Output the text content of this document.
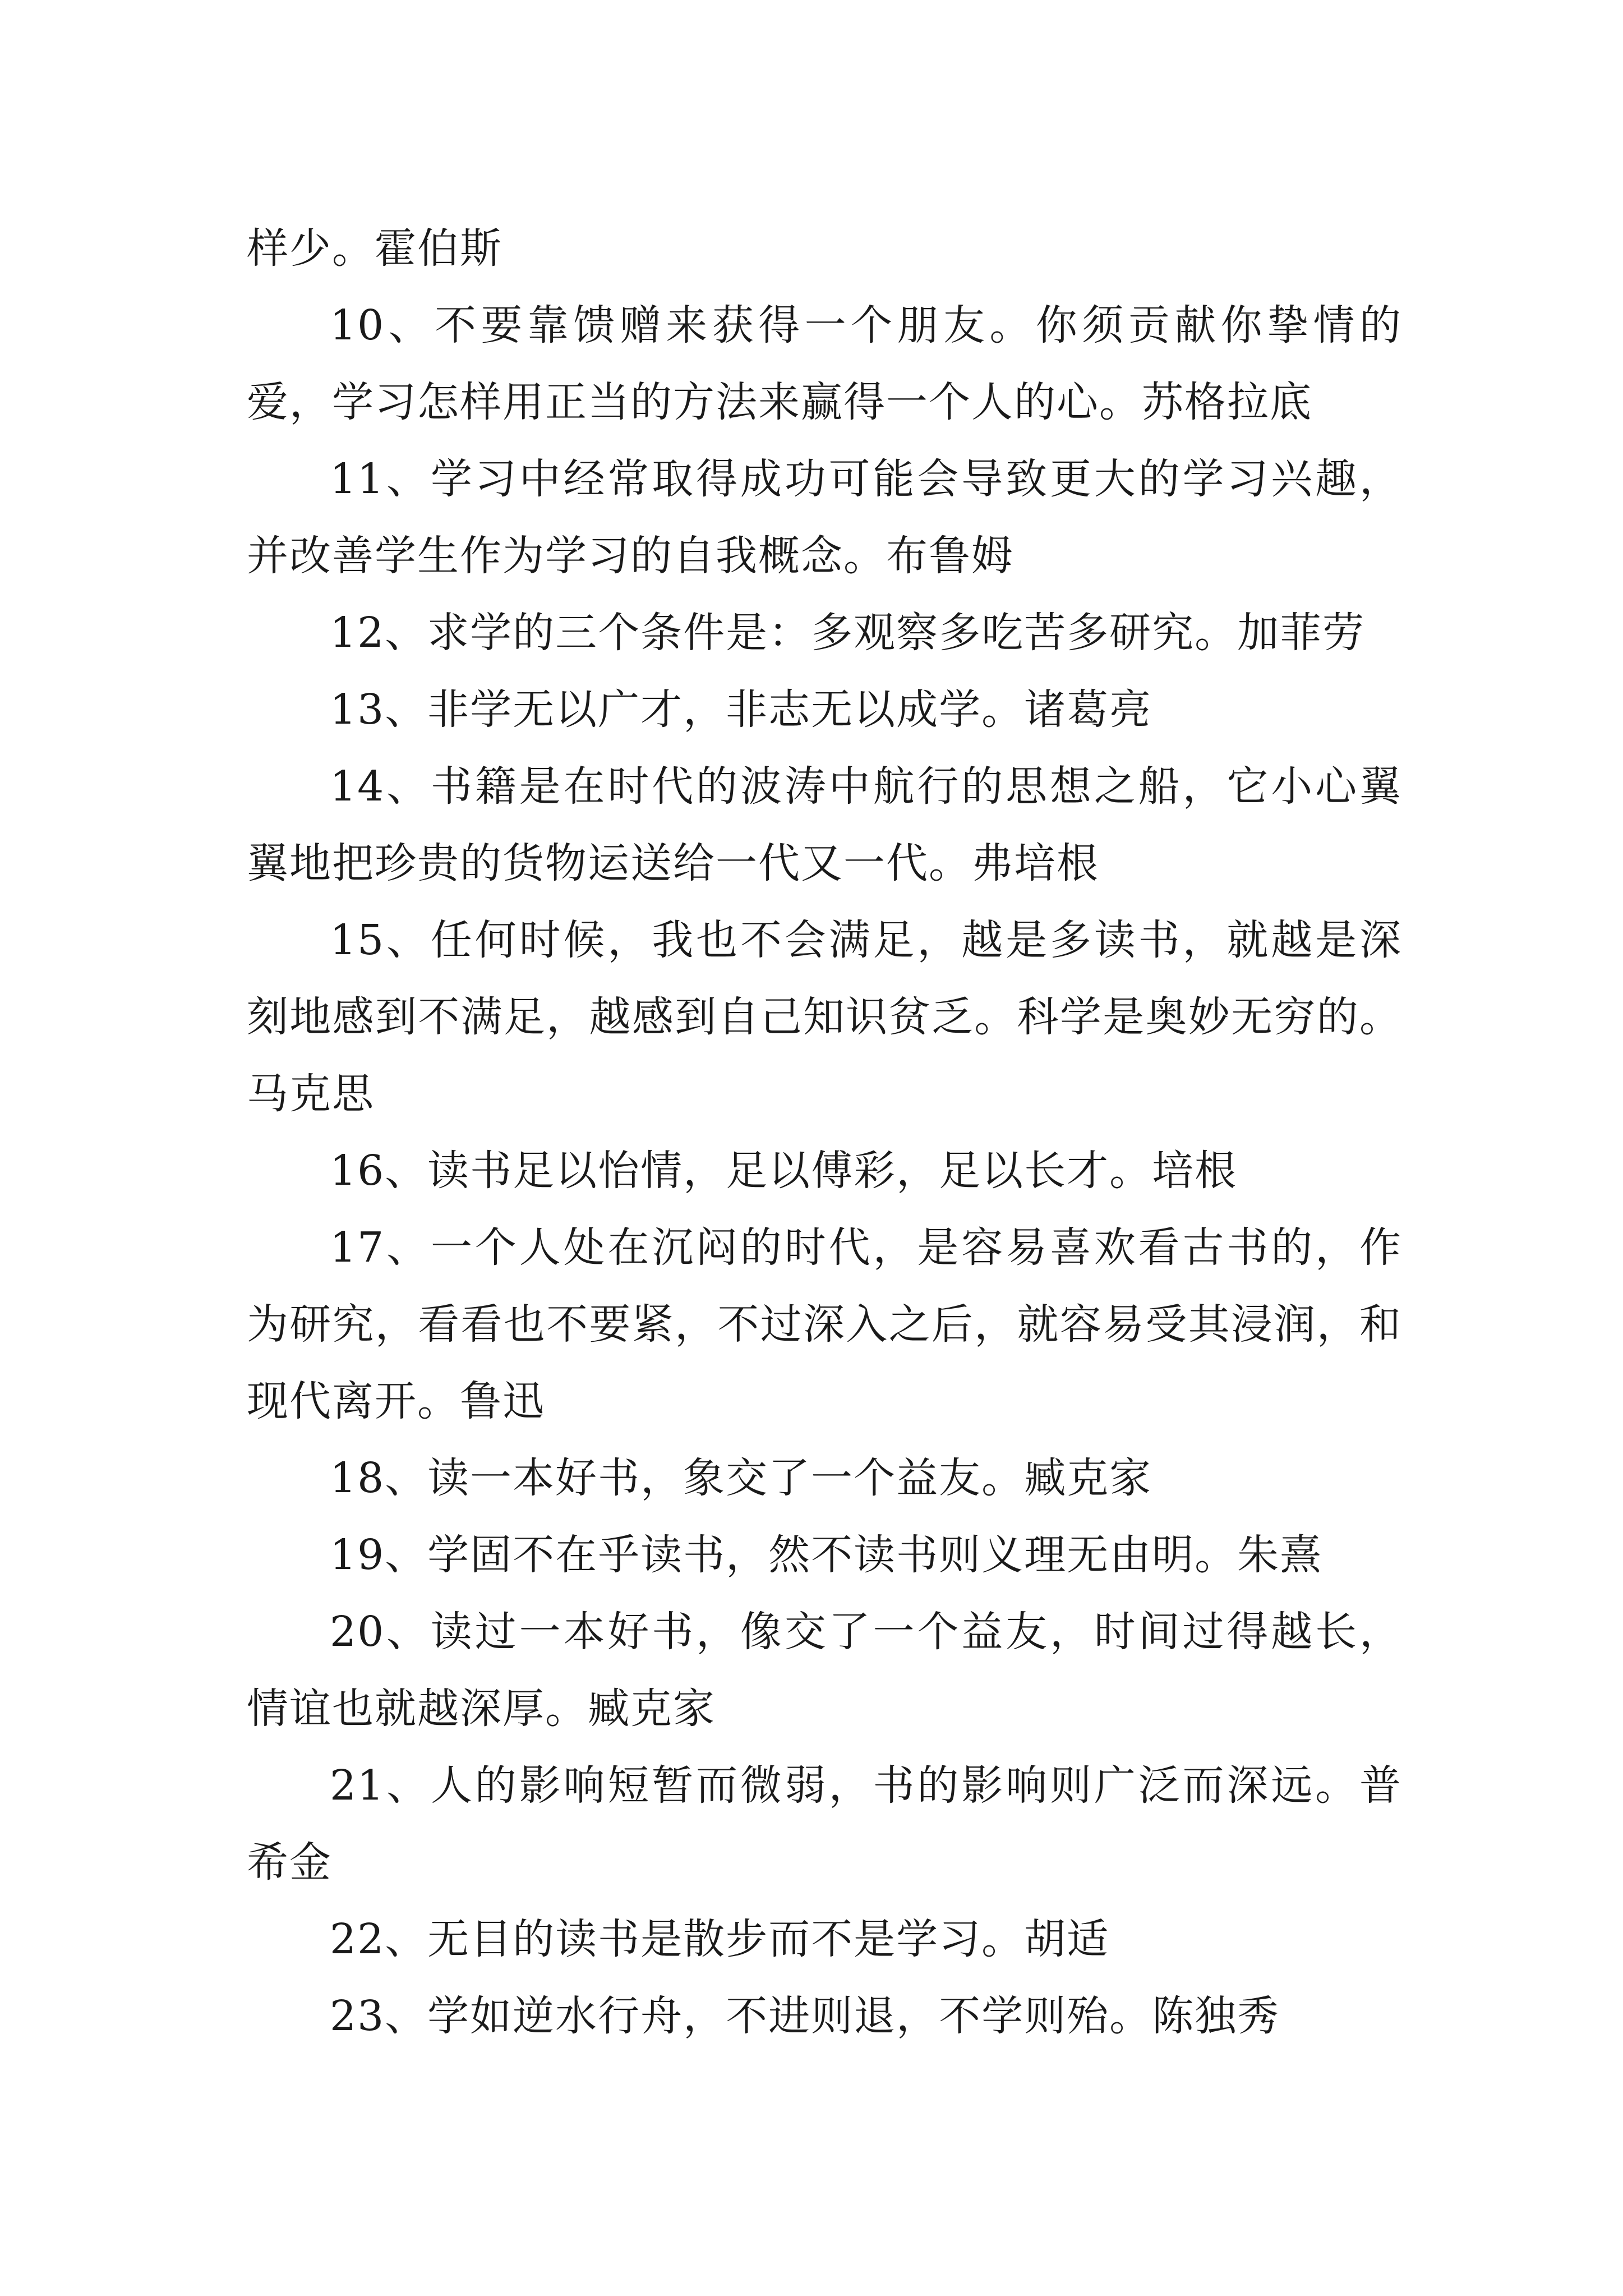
样少。霍伯斯

10、不要靠馈赠来获得一个朋友。你须贡献你挚情的爱，学习怎样用正当的方法来赢得一个人的心。苏格拉底

11、学习中经常取得成功可能会导致更大的学习兴趣，并改善学生作为学习的自我概念。布鲁姆

12、求学的三个条件是：多观察多吃苦多研究。加菲劳

13、非学无以广才，非志无以成学。诸葛亮

14、书籍是在时代的波涛中航行的思想之船，它小心翼翼地把珍贵的货物运送给一代又一代。弗培根

15、任何时候，我也不会满足，越是多读书，就越是深刻地感到不满足，越感到自己知识贫乏。科学是奥妙无穷的。马克思

16、读书足以怡情，足以傅彩，足以长才。培根

17、一个人处在沉闷的时代，是容易喜欢看古书的，作为研究，看看也不要紧，不过深入之后，就容易受其浸润，和现代离开。鲁迅

18、读一本好书，象交了一个益友。臧克家

19、学固不在乎读书，然不读书则义理无由明。朱熹

20、读过一本好书，像交了一个益友，时间过得越长，情谊也就越深厚。臧克家

21、人的影响短暂而微弱，书的影响则广泛而深远。普希金

22、无目的读书是散步而不是学习。胡适

23、学如逆水行舟，不进则退，不学则殆。陈独秀
